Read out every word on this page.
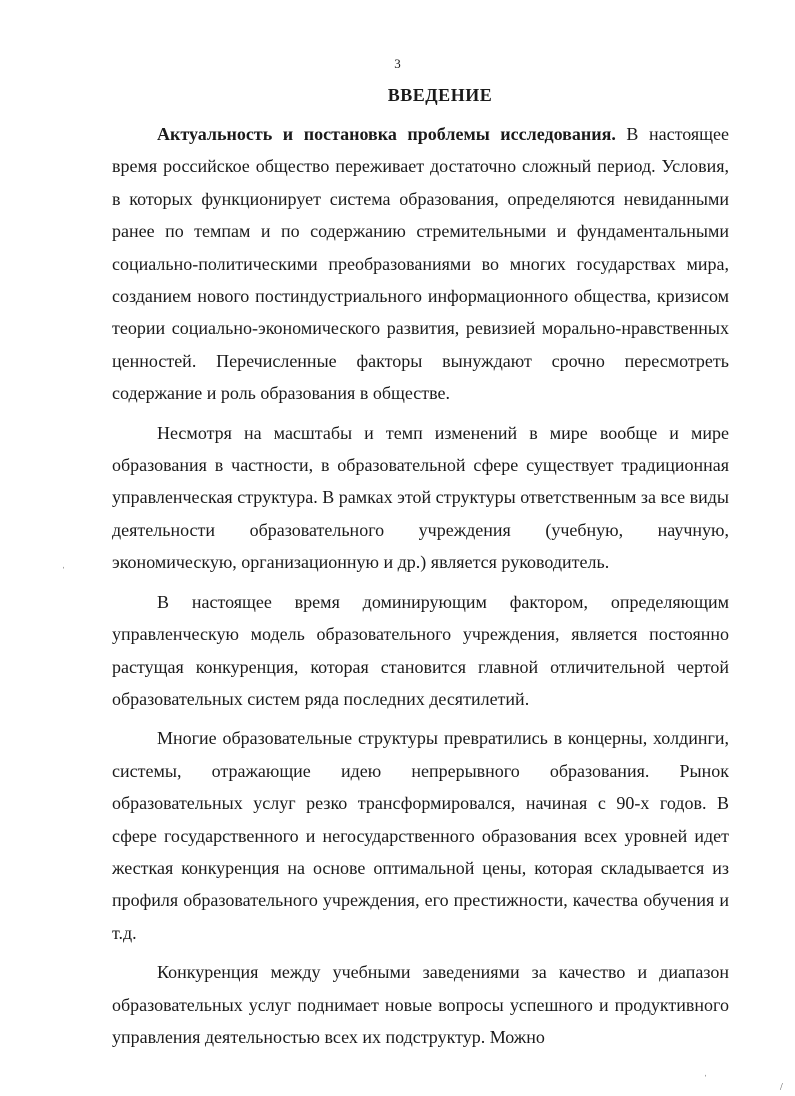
3
ВВЕДЕНИЕ

Актуальность и постановка проблемы исследования. В настоящее время российское общество переживает достаточно сложный период. Условия, в которых функционирует система образования, определяются невиданными ранее по темпам и по содержанию стремительными и фундаментальными социально-политическими преобразованиями во многих государствах мира, созданием нового постиндустриального информационного общества, кризисом теории социально-экономического развития, ревизией морально-нравственных ценностей. Перечисленные факторы вынуждают срочно пересмотреть содержание и роль образования в обществе.

Несмотря на масштабы и темп изменений в мире вообще и мире образования в частности, в образовательной сфере существует традиционная управленческая структура. В рамках этой структуры ответственным за все виды деятельности образовательного учреждения (учебную, научную, экономическую, организационную и др.) является руководитель.

В настоящее время доминирующим фактором, определяющим управленческую модель образовательного учреждения, является постоянно растущая конкуренция, которая становится главной отличительной чертой образовательных систем ряда последних десятилетий.

Многие образовательные структуры превратились в концерны, холдинги, системы, отражающие идею непрерывного образования. Рынок образовательных услуг резко трансформировался, начиная с 90-х годов. В сфере государственного и негосударственного образования всех уровней идет жесткая конкуренция на основе оптимальной цены, которая складывается из профиля образовательного учреждения, его престижности, качества обучения и т.д.

Конкуренция между учебными заведениями за качество и диапазон образовательных услуг поднимает новые вопросы успешного и продуктивного управления деятельностью всех их подструктур. Можно

ˈ
ˈ
/
